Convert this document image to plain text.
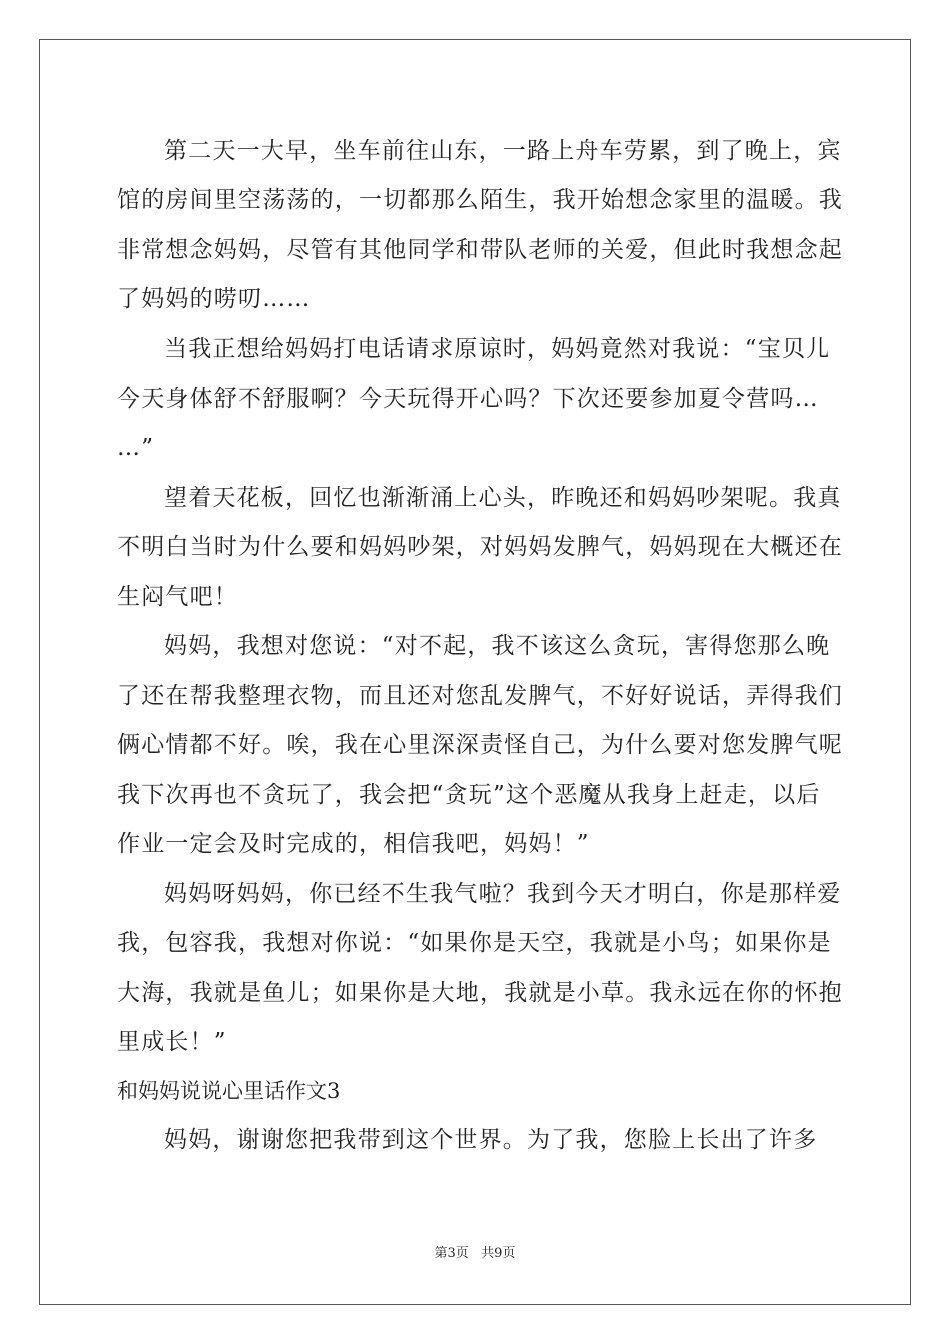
第二天一大早，坐车前往山东，一路上舟车劳累，到了晚上，宾
馆的房间里空荡荡的，一切都那么陌生，我开始想念家里的温暖。我
非常想念妈妈，尽管有其他同学和带队老师的关爱，但此时我想念起
了妈妈的唠叨……
当我正想给妈妈打电话请求原谅时，妈妈竟然对我说：“宝贝儿
今天身体舒不舒服啊？今天玩得开心吗？下次还要参加夏令营吗…
…”
望着天花板，回忆也渐渐涌上心头，昨晚还和妈妈吵架呢。我真
不明白当时为什么要和妈妈吵架，对妈妈发脾气，妈妈现在大概还在
生闷气吧！
妈妈，我想对您说：“对不起，我不该这么贪玩，害得您那么晚
了还在帮我整理衣物，而且还对您乱发脾气，不好好说话，弄得我们
俩心情都不好。唉，我在心里深深责怪自己，为什么要对您发脾气呢
我下次再也不贪玩了，我会把“贪玩”这个恶魔从我身上赶走，以后
作业一定会及时完成的，相信我吧，妈妈！”
妈妈呀妈妈，你已经不生我气啦？我到今天才明白，你是那样爱
我，包容我，我想对你说：“如果你是天空，我就是小鸟；如果你是
大海，我就是鱼儿；如果你是大地，我就是小草。我永远在你的怀抱
里成长！”
和妈妈说说心里话作文3
妈妈，谢谢您把我带到这个世界。为了我，您脸上长出了许多
第3页   共9页
